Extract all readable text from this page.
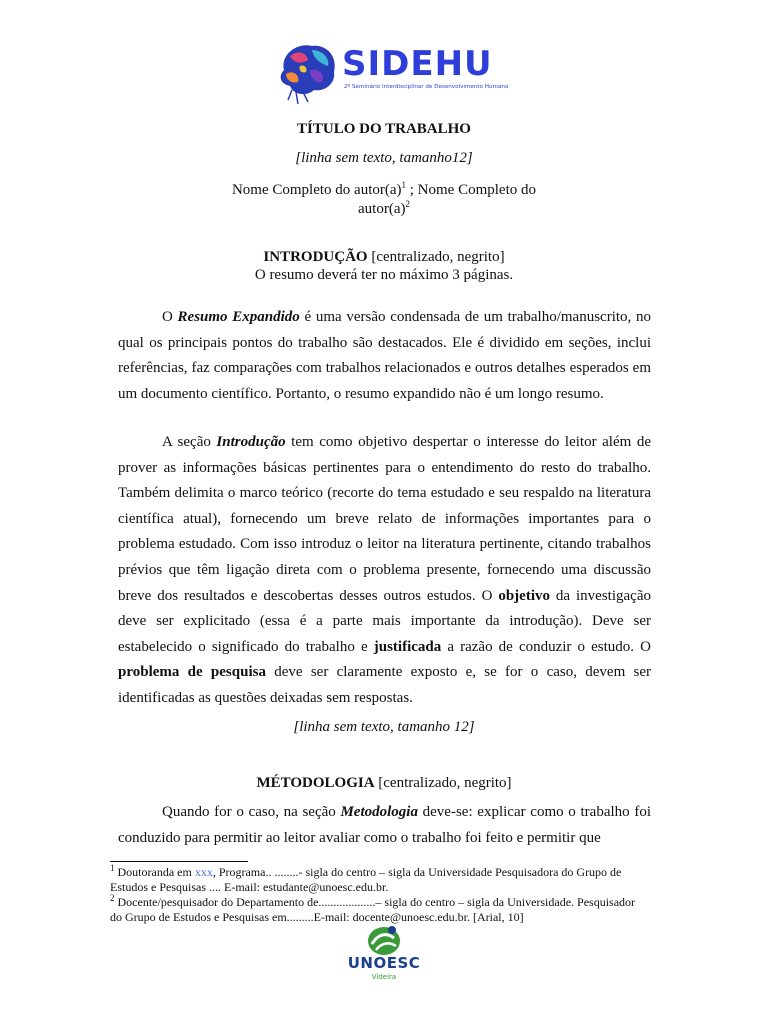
SIDEHU
2º Seminário Interdisciplinar de Desenvolvimento Humano
TÍTULO DO TRABALHO
[linha sem texto, tamanho12]
Nome Completo do $autor(a)^1$ ; Nome Completo do
$autor(a)^2$
INTRODUÇÃO [centralizado, negrito]
O resumo deverá ter no máximo 3 páginas.

O Resumo Expandido é uma versão condensada de um trabalho/manuscrito, no qual os principais pontos do trabalho são destacados. Ele é dividido em seções, inclui referências, faz comparações com trabalhos relacionados e outros detalhes esperados em um documento científico. Portanto, o resumo expandido não é um longo resumo.

A seção Introdução tem como objetivo despertar o interesse do leitor além de prover as informações básicas pertinentes para o entendimento do resto do trabalho. Também delimita o marco teórico (recorte do tema estudado e seu respaldo na literatura científica atual), fornecendo um breve relato de informações importantes para o problema estudado. Com isso introduz o leitor na literatura pertinente, citando trabalhos prévios que têm ligação direta com o problema presente, fornecendo uma discussão breve dos resultados e descobertas desses outros estudos. O objetivo da investigação deve ser explicitado (essa é a parte mais importante da introdução). Deve ser estabelecido o significado do trabalho e justificada a razão de conduzir o estudo. O problema de pesquisa deve ser claramente exposto e, se for o caso, devem ser identificadas as questões deixadas sem respostas.

[linha sem texto, tamanho 12]
MÉTODOLOGIA [centralizado, negrito]

Quando for o caso, na seção Metodologia deve-se: explicar como o trabalho foi conduzido para permitir ao leitor avaliar como o trabalho foi feito e permitir que

$^1$ Doutoranda em xxx, Programa.. ........- sigla do centro – sigla da Universidade Pesquisadora do Grupo de Estudos e Pesquisas .... E-mail: estudante@unoesc.edu.br.

$^2$ Docente/pesquisador do Departamento de...................– sigla do centro – sigla da Universidade. Pesquisador do Grupo de Estudos e Pesquisas em.........E-mail: docente@unoesc.edu.br. [Arial, 10]

UNOESC
Videira
